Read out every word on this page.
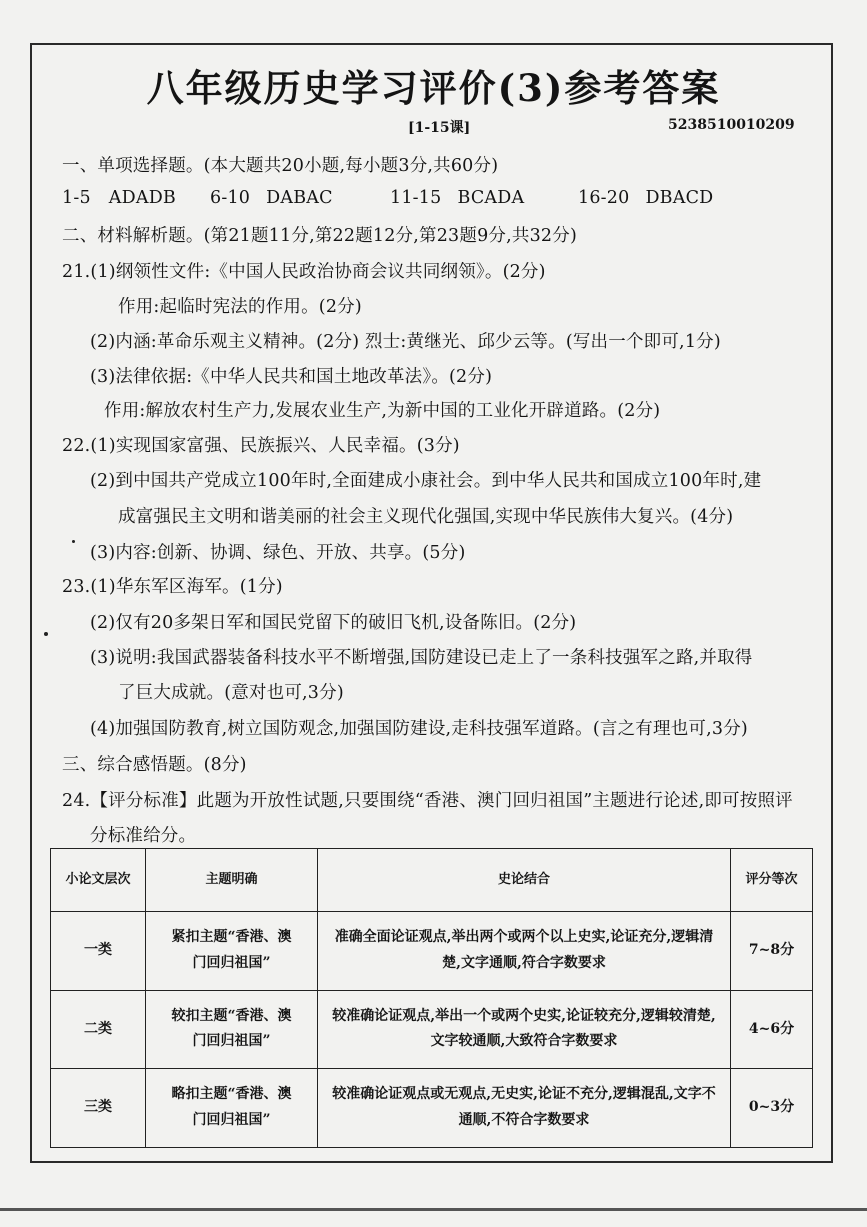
八年级历史学习评价(3)参考答案
[1-15课]	5238510010209
一、单项选择题。(本大题共20小题,每小题3分,共60分)
1-5 ADADB 6-10 DABAC	11-15 BCADA	16-20 DBACD
二、材料解析题。(第21题11分,第22题12分,第23题9分,共32分)
21.(1)纲领性文件:《中国人民政治协商会议共同纲领》。(2分)
作用:起临时宪法的作用。(2分)
(2)内涵:革命乐观主义精神。(2分) 烈士:黄继光、邱少云等。(写出一个即可,1分)
(3)法律依据:《中华人民共和国土地改革法》。(2分)
作用:解放农村生产力,发展农业生产,为新中国的工业化开辟道路。(2分)
22.(1)实现国家富强、民族振兴、人民幸福。(3分)
(2)到中国共产党成立100年时,全面建成小康社会。到中华人民共和国成立100年时,建
成富强民主文明和谐美丽的社会主义现代化强国,实现中华民族伟大复兴。(4分)
(3)内容:创新、协调、绿色、开放、共享。(5分)
23.(1)华东军区海军。(1分)
(2)仅有20多架日军和国民党留下的破旧飞机,设备陈旧。(2分)
(3)说明:我国武器装备科技水平不断增强,国防建设已走上了一条科技强军之路,并取得
了巨大成就。(意对也可,3分)
(4)加强国防教育,树立国防观念,加强国防建设,走科技强军道路。(言之有理也可,3分)
三、综合感悟题。(8分)
24.【评分标准】此题为开放性试题,只要围绕“香港、澳门回归祖国”主题进行论述,即可按照评
分标准给分。
小论文层次	主题明确	史论结合	评分等次
一类	紧扣主题“香港、澳门回归祖国”	准确全面论证观点,举出两个或两个以上史实,论证充分,逻辑清楚,文字通顺,符合字数要求	7~8分
二类	较扣主题“香港、澳门回归祖国”	较准确论证观点,举出一个或两个史实,论证较充分,逻辑较清楚,文字较通顺,大致符合字数要求	4~6分
三类	略扣主题“香港、澳门回归祖国”	较准确论证观点或无观点,无史实,论证不充分,逻辑混乱,文字不通顺,不符合字数要求	0~3分
